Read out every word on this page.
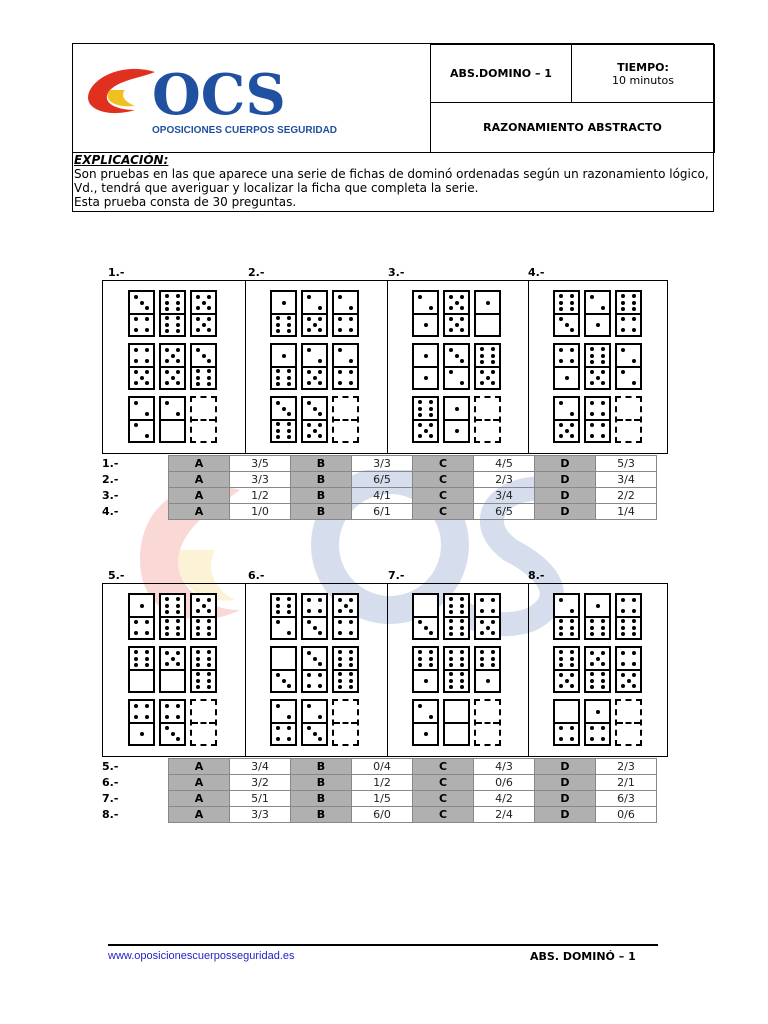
ABS.DOMINO – 1	TIEMPO:
10 minutos
RAZONAMIENTO ABSTRACTO
OCS
OPOSICIONES CUERPOS SEGURIDAD
EXPLICACIÓN:
Son pruebas en las que aparece una serie de fichas de dominó ordenadas según un razonamiento lógico,
Vd., tendrá que averiguar y localizar la ficha que completa la serie.
Esta prueba consta de 30 preguntas.
1.-	2.-	3.-	4.-
1.-	A	3/5	B	3/3	C	4/5	D	5/3
2.-	A	3/3	B	6/5	C	2/3	D	3/4
3.-	A	1/2	B	4/1	C	3/4	D	2/2
4.-	A	1/0	B	6/1	C	6/5	D	1/4
5.-	6.-	7.-	8.-
5.-	A	3/4	B	0/4	C	4/3	D	2/3
6.-	A	3/2	B	1/2	C	0/6	D	2/1
7.-	A	5/1	B	1/5	C	4/2	D	6/3
8.-	A	3/3	B	6/0	C	2/4	D	0/6
www.oposicionescuerposseguridad.es	ABS. DOMINÓ – 1
